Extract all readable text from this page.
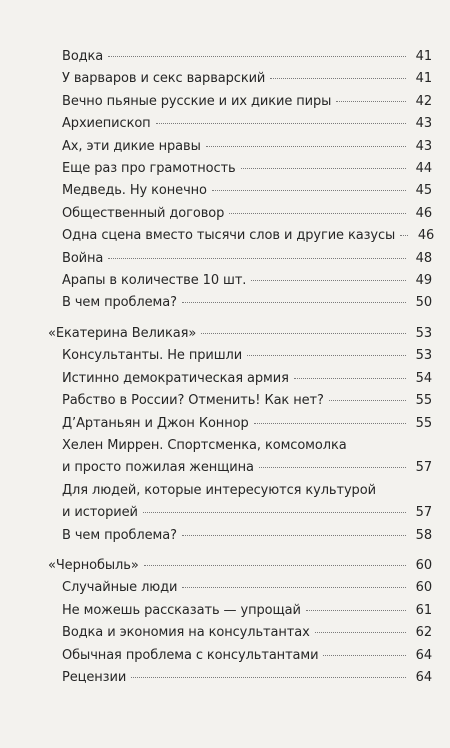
Водка	41
У варваров и секс варварский	41
Вечно пьяные русские и их дикие пиры	42
Архиепископ	43
Ах, эти дикие нравы	43
Еще раз про грамотность	44
Медведь. Ну конечно	45
Общественный договор	46
Одна сцена вместо тысячи слов и другие казусы 46
Война	48
Арапы в количестве 10 шт.	49
В чем проблема?	50
«Екатерина Великая»	53
Консультанты. Не пришли	53
Истинно демократическая армия	54
Рабство в России? Отменить! Как нет?	55
Д’Артаньян и Джон Коннор	55
Хелен Миррен. Спортсменка, комсомолка
и просто пожилая женщина	57
Для людей, которые интересуются культурой
и историей	57
В чем проблема?	58
«Чернобыль»	60
Случайные люди	60
Не можешь рассказать — упрощай	61
Водка и экономия на консультантах	62
Обычная проблема с консультантами	64
Рецензии	64
